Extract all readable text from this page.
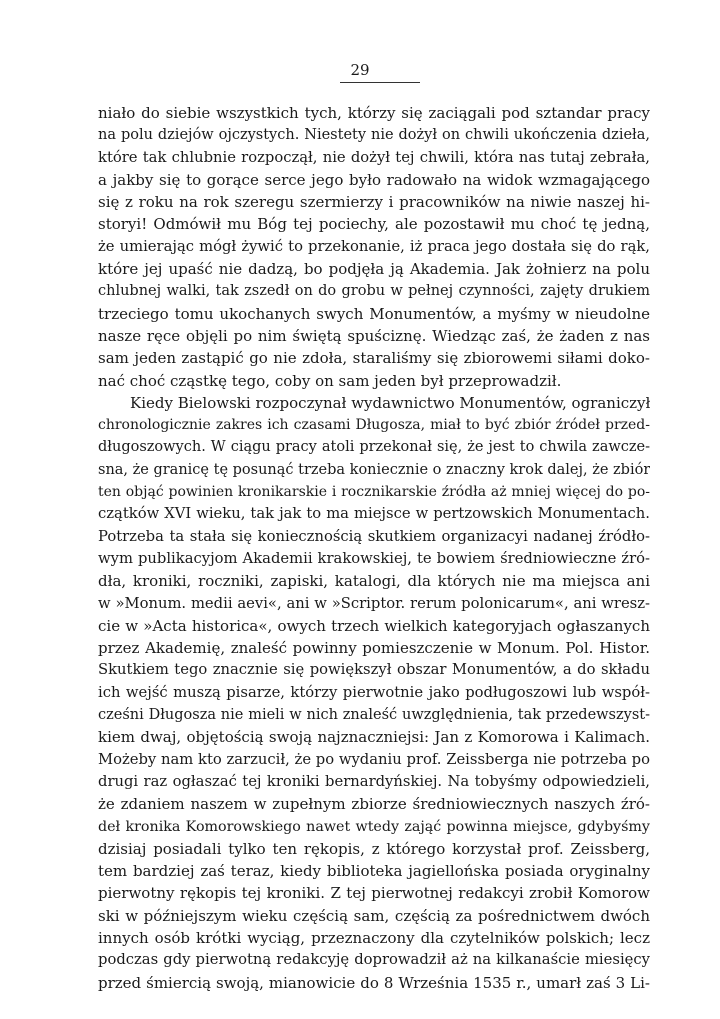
29
niało do siebie wszystkich tych, którzy się zaciągali pod sztandar pracy
na polu dziejów ojczystych. Niestety nie dożył on chwili ukończenia dzieła,
które tak chlubnie rozpoczął, nie dożył tej chwili, która nas tutaj zebrała,
a jakby się to gorące serce jego było radowało na widok wzmagającego
się z roku na rok szeregu szermierzy i pracowników na niwie naszej hi-
storyi! Odmówił mu Bóg tej pociechy, ale pozostawił mu choć tę jedną,
że umierając mógł żywić to przekonanie, iż praca jego dostała się do rąk,
które jej upaść nie dadzą, bo podjęła ją Akademia. Jak żołnierz na polu
chlubnej walki, tak zszedł on do grobu w pełnej czynności, zajęty drukiem
trzeciego tomu ukochanych swych Monumentów, a myśmy w nieudolne
nasze ręce objęli po nim świętą spuściznę. Wiedząc zaś, że żaden z nas
sam jeden zastąpić go nie zdoła, staraliśmy się zbiorowemi siłami doko-
nać choć cząstkę tego, coby on sam jeden był przeprowadził.
Kiedy Bielowski rozpoczynał wydawnictwo Monumentów, ograniczył
chronologicznie zakres ich czasami Długosza, miał to być zbiór źródeł przed-
długoszowych. W ciągu pracy atoli przekonał się, że jest to chwila zawcze-
sna, że granicę tę posunąć trzeba koniecznie o znaczny krok dalej, że zbiór
ten objąć powinien kronikarskie i rocznikarskie źródła aż mniej więcej do po-
czątków XVI wieku, tak jak to ma miejsce w pertzowskich Monumentach.
Potrzeba ta stała się koniecznością skutkiem organizacyi nadanej źródło-
wym publikacyjom Akademii krakowskiej, te bowiem średniowieczne źró-
dła, kroniki, roczniki, zapiski, katalogi, dla których nie ma miejsca ani
w »Monum. medii aevi«, ani w »Scriptor. rerum polonicarum«, ani wresz-
cie w »Acta historica«, owych trzech wielkich kategoryjach ogłaszanych
przez Akademię, znaleść powinny pomieszczenie w Monum. Pol. Histor.
Skutkiem tego znacznie się powiększył obszar Monumentów, a do składu
ich wejść muszą pisarze, którzy pierwotnie jako podługoszowi lub współ-
cześni Długosza nie mieli w nich znaleść uwzględnienia, tak przedewszyst-
kiem dwaj, objętością swoją najznaczniejsi: Jan z Komorowa i Kalimach.
Możeby nam kto zarzucił, że po wydaniu prof. Zeissberga nie potrzeba po
drugi raz ogłaszać tej kroniki bernardyńskiej. Na tobyśmy odpowiedzieli,
że zdaniem naszem w zupełnym zbiorze średniowiecznych naszych źró-
deł kronika Komorowskiego nawet wtedy zająć powinna miejsce, gdybyśmy
dzisiaj posiadali tylko ten rękopis, z którego korzystał prof. Zeissberg,
tem bardziej zaś teraz, kiedy biblioteka jagiellońska posiada oryginalny
pierwotny rękopis tej kroniki. Z tej pierwotnej redakcyi zrobił Komorow
ski w późniejszym wieku częścią sam, częścią za pośrednictwem dwóch
innych osób krótki wyciąg, przeznaczony dla czytelników polskich; lecz
podczas gdy pierwotną redakcyję doprowadził aż na kilkanaście miesięcy
przed śmiercią swoją, mianowicie do 8 Września 1535 r., umarł zaś 3 Li-
